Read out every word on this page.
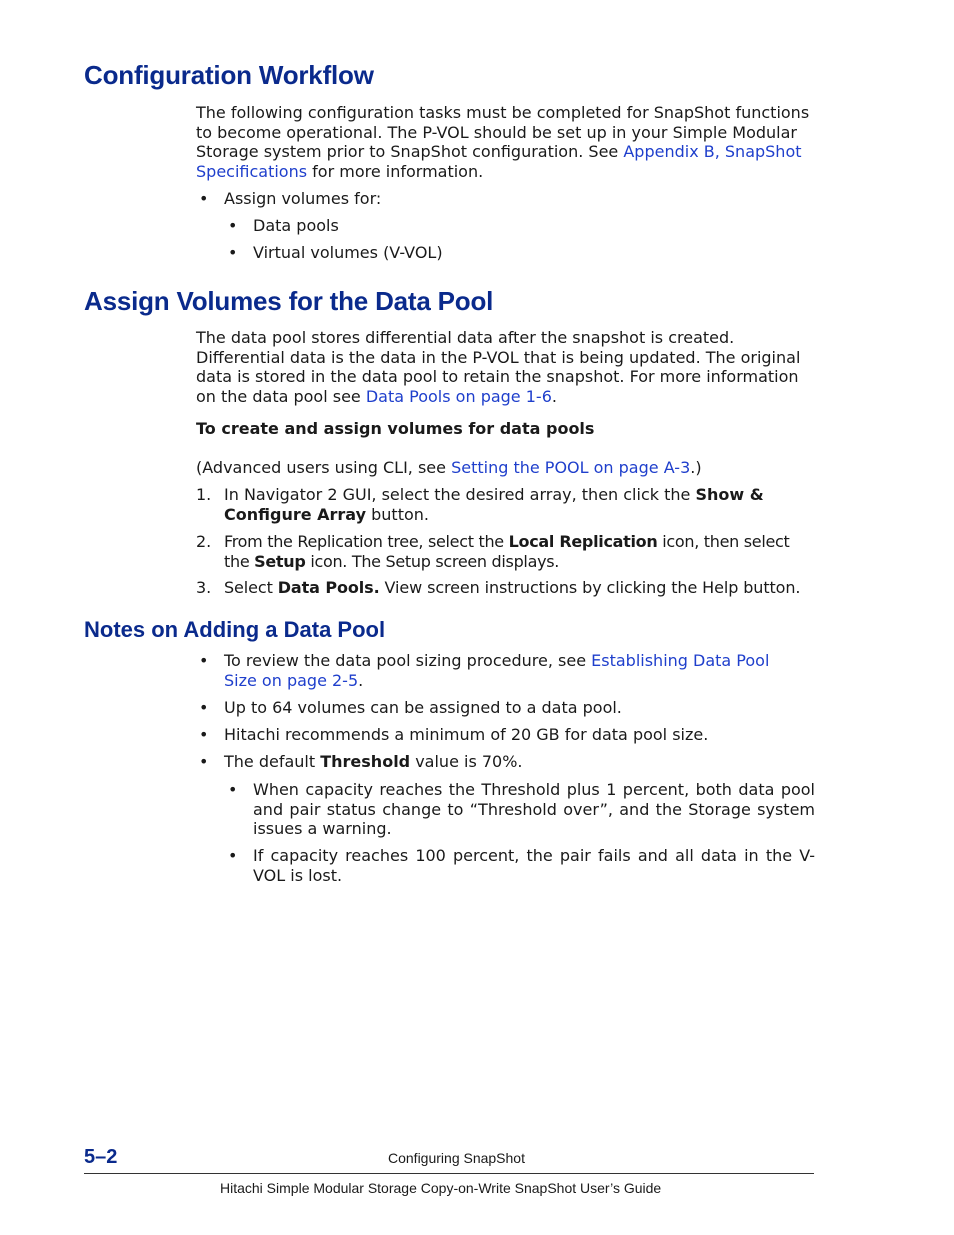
Configuration Workflow

The following configuration tasks must be completed for SnapShot functions to become operational. The P-VOL should be set up in your Simple Modular Storage system prior to SnapShot configuration. See Appendix B, SnapShot Specifications for more information.

• Assign volumes for:
• Data pools
• Virtual volumes (V-VOL)
Assign Volumes for the Data Pool

The data pool stores differential data after the snapshot is created. Differential data is the data in the P-VOL that is being updated. The original data is stored in the data pool to retain the snapshot. For more information on the data pool see Data Pools on page 1-6.

To create and assign volumes for data pools

(Advanced users using CLI, see Setting the POOL on page A-3.)

1. In Navigator 2 GUI, select the desired array, then click the Show & Configure Array button.

2. From the Replication tree, select the Local Replication icon, then select the Setup icon. The Setup screen displays.

3. Select Data Pools. View screen instructions by clicking the Help button.

Notes on Adding a Data Pool
• To review the data pool sizing procedure, see Establishing Data Pool Size on page 2-5.

• Up to 64 volumes can be assigned to a data pool.
• Hitachi recommends a minimum of 20 GB for data pool size.
• The default Threshold value is 70%.

• When capacity reaches the Threshold plus 1 percent, both data pool and pair status change to “Threshold over”, and the Storage system issues a warning.

• If capacity reaches 100 percent, the pair fails and all data in the V-VOL is lost.

5–2	Configuring SnapShot
Hitachi Simple Modular Storage Copy-on-Write SnapShot User’s Guide
